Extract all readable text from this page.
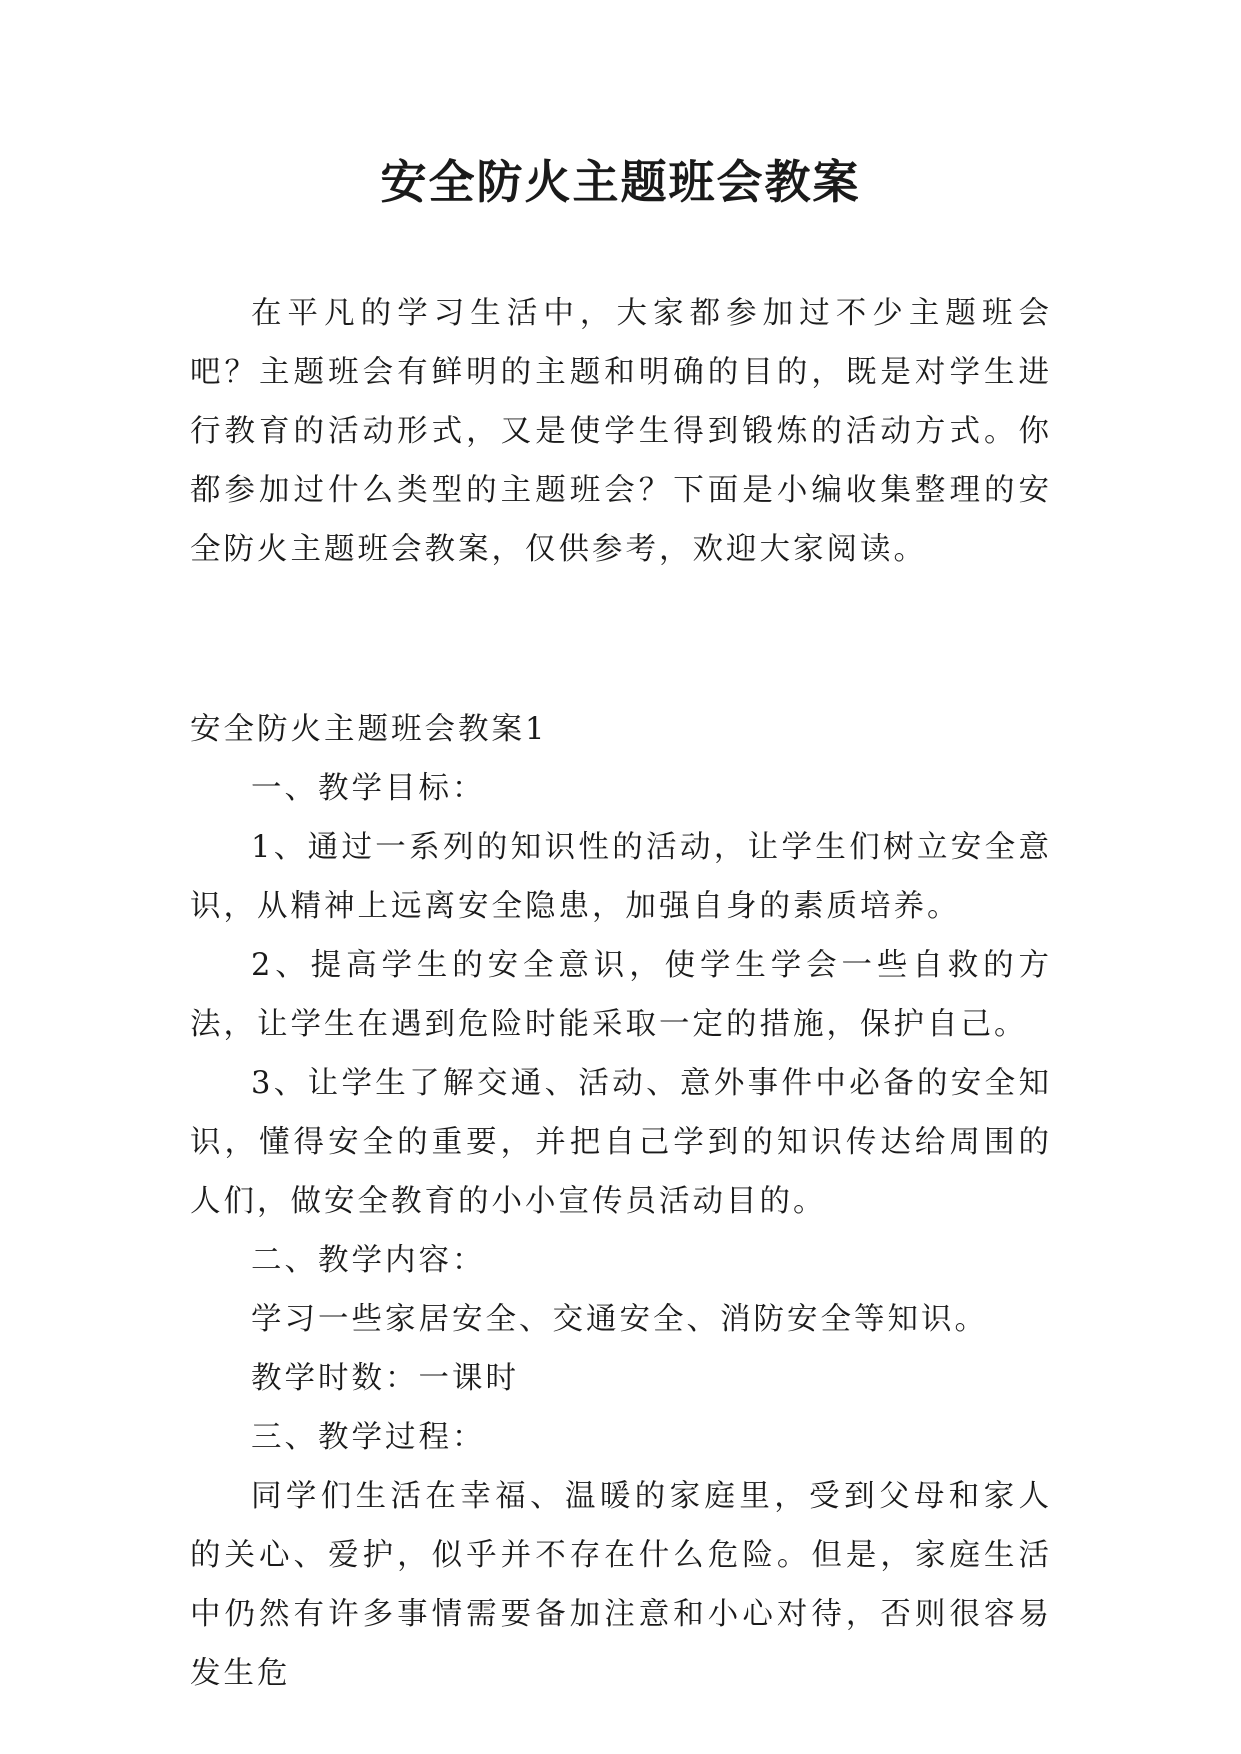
安全防火主题班会教案

在平凡的学习生活中，大家都参加过不少主题班会吧？主题班会有鲜明的主题和明确的目的，既是对学生进行教育的活动形式，又是使学生得到锻炼的活动方式。你都参加过什么类型的主题班会？下面是小编收集整理的安全防火主题班会教案，仅供参考，欢迎大家阅读。

安全防火主题班会教案1

一、教学目标：

1、通过一系列的知识性的活动，让学生们树立安全意识，从精神上远离安全隐患，加强自身的素质培养。

2、提高学生的安全意识，使学生学会一些自救的方法，让学生在遇到危险时能采取一定的措施，保护自己。

3、让学生了解交通、活动、意外事件中必备的安全知识，懂得安全的重要，并把自己学到的知识传达给周围的人们，做安全教育的小小宣传员活动目的。

二、教学内容：

学习一些家居安全、交通安全、消防安全等知识。

教学时数：一课时

三、教学过程：

同学们生活在幸福、温暖的家庭里，受到父母和家人的关心、爱护，似乎并不存在什么危险。但是，家庭生活中仍然有许多事情需要备加注意和小心对待，否则很容易发生危
